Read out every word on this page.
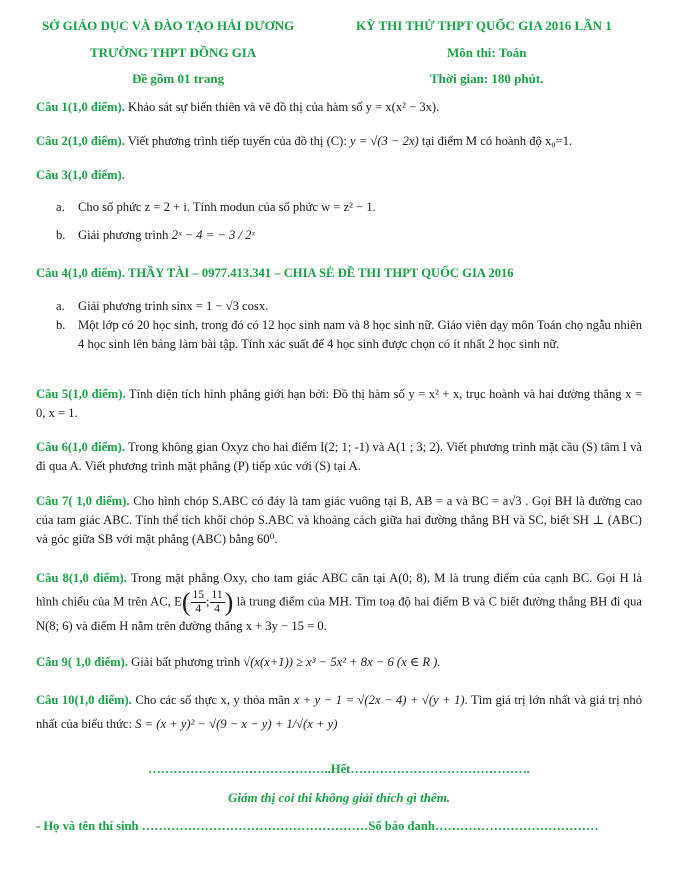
SỞ GIÁO DỤC VÀ ĐÀO TẠO HẢI DƯƠNG	KỲ THI THỬ THPT QUỐC GIA 2016 LẦN 1
TRƯỜNG THPT ĐỒNG GIA	Môn thi: Toán
Đề gồm 01 trang	Thời gian: 180 phút.
Câu 1(1,0 điểm). Khảo sát sự biến thiên và vẽ đồ thị của hàm số y = x(x² − 3x).
Câu 2(1,0 điểm). Viết phương trình tiếp tuyến của đồ thị (C): y = √(3 − 2x) tại điểm M có hoành độ x₀=1.
Câu 3(1,0 điểm).
a. Cho số phức z = 2 + i. Tính modun của số phức w = z² − 1.
b. Giải phương trình 2ˣ − 4 = − 3 / 2ˣ
Câu 4(1,0 điểm). THẦY TÀI – 0977.413.341 – CHIA SẺ ĐỀ THI THPT QUỐC GIA 2016
a. Giải phương trình sinx = 1 − √3 cosx.
b. Một lớp có 20 học sinh, trong đó có 12 học sinh nam và 8 học sinh nữ. Giáo viên dạy môn Toán chọ ngẫu nhiên 4 học sinh lên bảng làm bài tập. Tính xác suất để 4 học sinh được chọn có ít nhất 2 học sinh nữ.
Câu 5(1,0 điểm). Tính diện tích hình phẳng giới hạn bởi: Đồ thị hàm số y = x² + x, trục hoành và hai đường thẳng x = 0, x = 1.
Câu 6(1,0 điểm). Trong không gian Oxyz cho hai điểm I(2; 1; -1) và A(1 ; 3; 2). Viết phương trình mặt cầu (S) tâm I và đi qua A. Viết phương trình mặt phẳng (P) tiếp xúc với (S) tại A.
Câu 7( 1,0 điểm). Cho hình chóp S.ABC có đáy là tam giác vuông tại B, AB = a và BC = a√3 . Gọi BH là đường cao của tam giác ABC. Tính thể tích khối chóp S.ABC và khoảng cách giữa hai đường thẳng BH và SC, biết SH ⊥ (ABC) và góc giữa SB với mặt phẳng (ABC) bằng 60⁰.
Câu 8(1,0 điểm). Trong mặt phẳng Oxy, cho tam giác ABC cân tại A(0; 8), M là trung điểm của cạnh BC. Gọi H là hình chiếu của M trên AC, $E( \frac{15}{4}$ ; $\frac{11}{4}$ ) là trung điểm của MH. Tìm toạ độ hai điểm B và C biết đường thẳng BH đi qua N(8; 6) và điểm H nằm trên đường thẳng x + 3y − 15 = 0.
Câu 9( 1,0 điểm). Giải bất phương trình √(x(x+1)) ≥ x³ − 5x² + 8x − 6 (x ∈ R ).
Câu 10(1,0 điểm). Cho các số thực x, y thỏa mãn x + y − 1 = √(2x − 4) + √(y + 1). Tìm giá trị lớn nhất và giá trị nhỏ nhất của biểu thức: S = (x + y)² − √(9 − x − y) + 1/√(x + y)
……………………………………..Hết…………………………………….
Giám thị coi thi không giải thích gì thêm.
- Họ và tên thí sinh ………………………………………………Số báo danh…………………………………
